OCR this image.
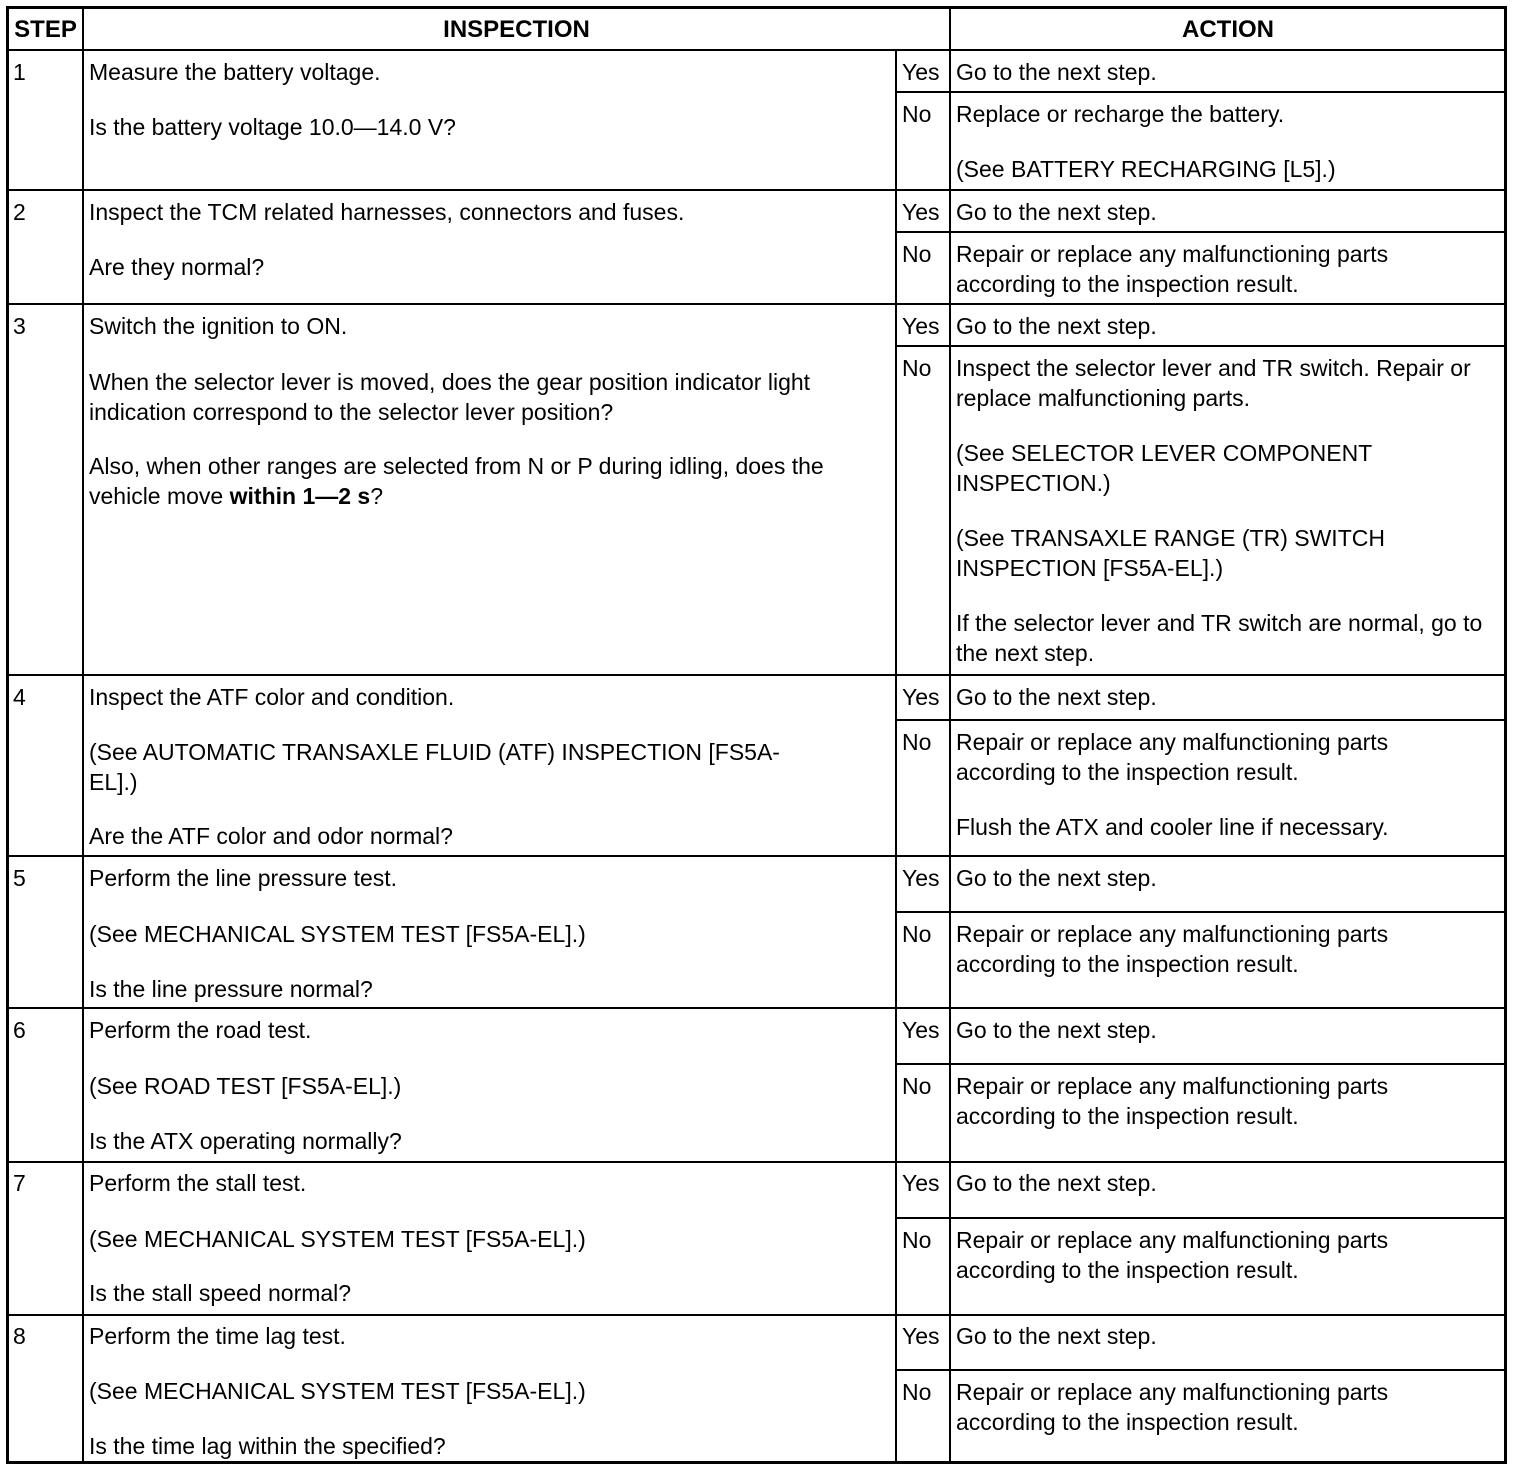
STEP	INSPECTION	ACTION
1	Measure the battery voltage.
Is the battery voltage 10.0—14.0 V?
Yes Go to the next step.
No Replace or recharge the battery.
(See BATTERY RECHARGING [L5].)
2	Inspect the TCM related harnesses, connectors and fuses.
Are they normal?
Yes Go to the next step.
No Repair or replace any malfunctioning parts according to the inspection result.
3	Switch the ignition to ON.
When the selector lever is moved, does the gear position indicator light indication correspond to the selector lever position?
Also, when other ranges are selected from N or P during idling, does the vehicle move within 1—2 s?
Yes Go to the next step.
No Inspect the selector lever and TR switch. Repair or replace malfunctioning parts.
(See SELECTOR LEVER COMPONENT INSPECTION.)
(See TRANSAXLE RANGE (TR) SWITCH INSPECTION [FS5A-EL].)
If the selector lever and TR switch are normal, go to the next step.
4	Inspect the ATF color and condition.
(See AUTOMATIC TRANSAXLE FLUID (ATF) INSPECTION [FS5A-EL].)
Are the ATF color and odor normal?
Yes Go to the next step.
No Repair or replace any malfunctioning parts according to the inspection result.
Flush the ATX and cooler line if necessary.
5	Perform the line pressure test.
(See MECHANICAL SYSTEM TEST [FS5A-EL].)
Is the line pressure normal?
Yes Go to the next step.
No Repair or replace any malfunctioning parts according to the inspection result.
6	Perform the road test.
(See ROAD TEST [FS5A-EL].)
Is the ATX operating normally?
Yes Go to the next step.
No Repair or replace any malfunctioning parts according to the inspection result.
7	Perform the stall test.
(See MECHANICAL SYSTEM TEST [FS5A-EL].)
Is the stall speed normal?
Yes Go to the next step.
No Repair or replace any malfunctioning parts according to the inspection result.
8	Perform the time lag test.
(See MECHANICAL SYSTEM TEST [FS5A-EL].)
Is the time lag within the specified?
Yes Go to the next step.
No Repair or replace any malfunctioning parts according to the inspection result.
